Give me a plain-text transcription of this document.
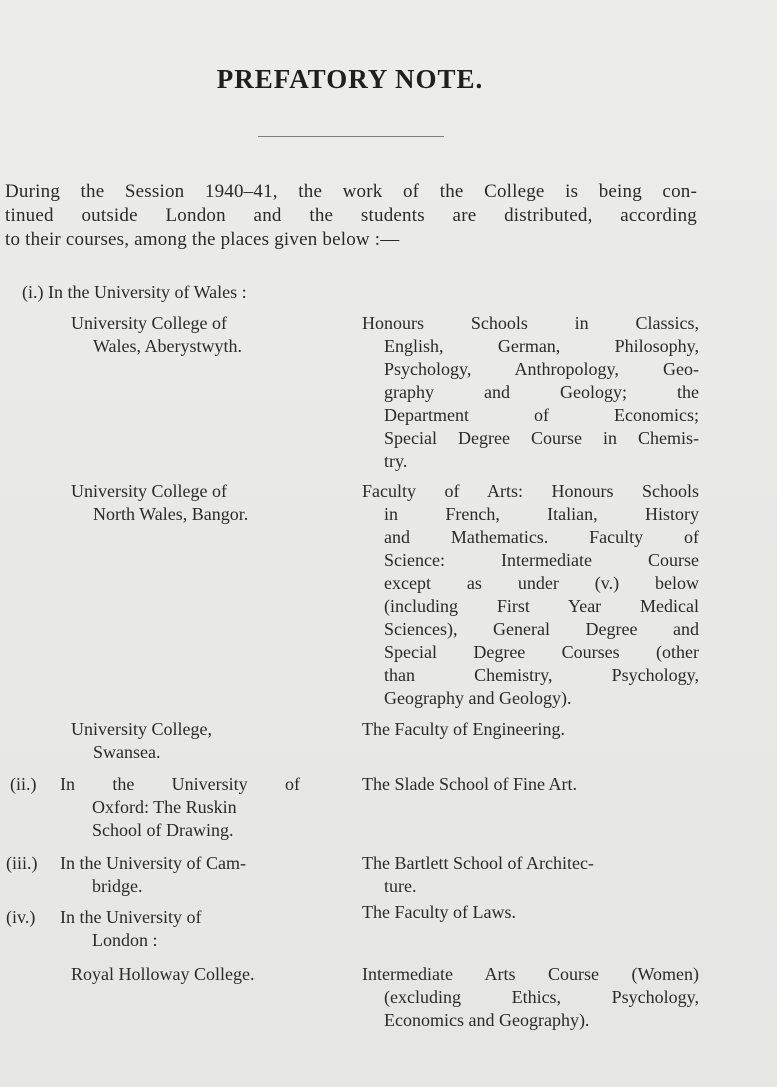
PREFATORY NOTE.
During the Session 1940–41, the work of the College is being con-
tinued outside London and the students are distributed, according
to their courses, among the places given below :—
(i.) In the University of Wales :
University College of
Wales, Aberystwyth.
Honours Schools in Classics,
English, German, Philosophy,
Psychology, Anthropology, Geo-
graphy and Geology; the
Department of Economics;
Special Degree Course in Chemis-
try.
University College of
North Wales, Bangor.
Faculty of Arts: Honours Schools
in French, Italian, History
and Mathematics. Faculty of
Science: Intermediate Course
except as under (v.) below
(including First Year Medical
Sciences), General Degree and
Special Degree Courses (other
than Chemistry, Psychology,
Geography and Geology).
University College,
Swansea.
The Faculty of Engineering.
(ii.) In the University of
Oxford: The Ruskin
School of Drawing.
The Slade School of Fine Art.
(iii.) In the University of Cam-
bridge.
The Bartlett School of Architec-
ture.
(iv.) In the University of
London :
The Faculty of Laws.
Royal Holloway College.	Intermediate Arts Course (Women)
(excluding Ethics, Psychology,
Economics and Geography).
